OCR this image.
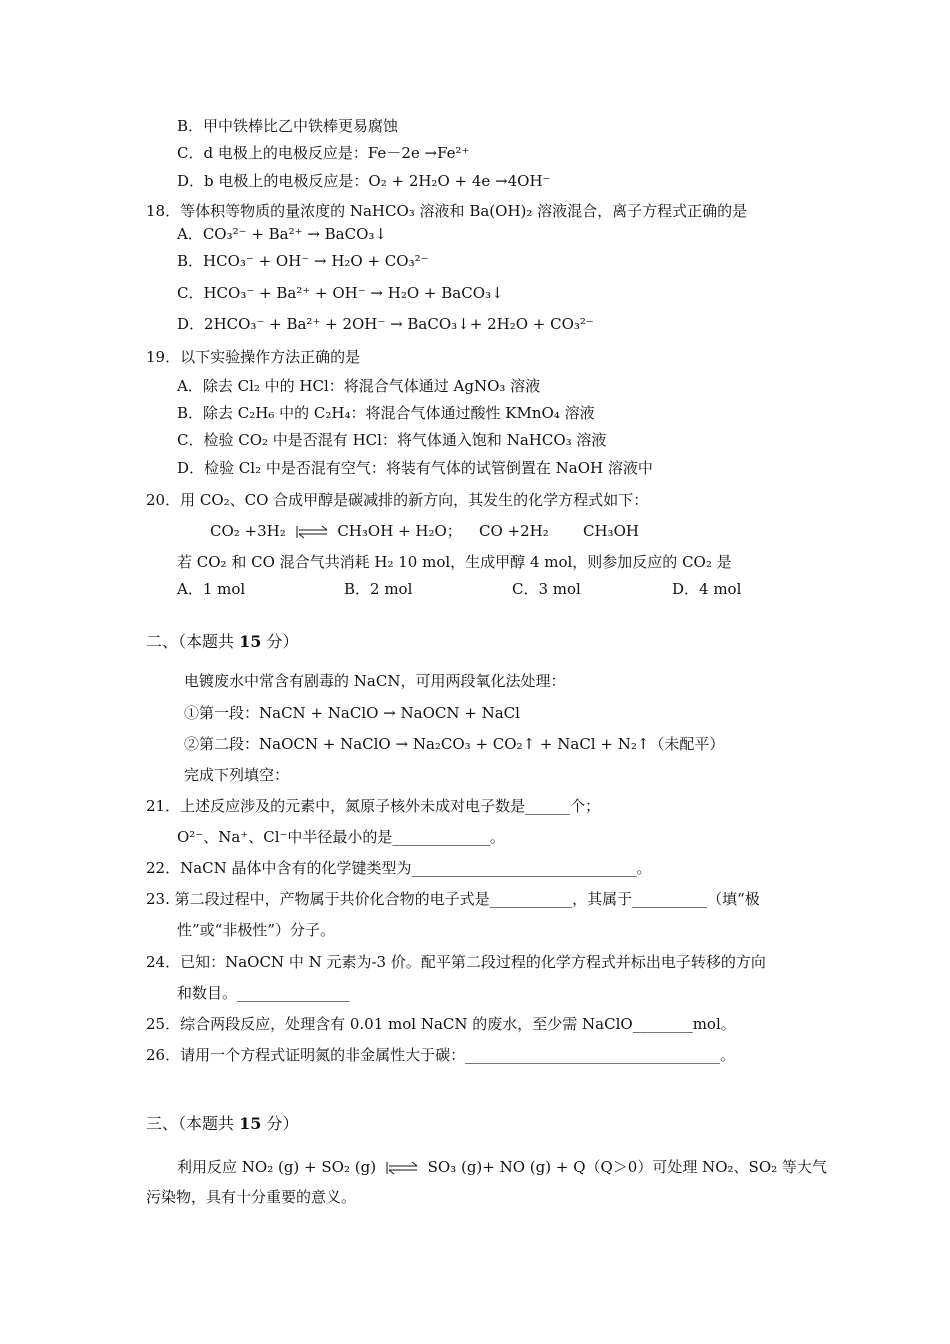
B．甲中铁棒比乙中铁棒更易腐蚀
C．d 电极上的电极反应是：Fe－2e →Fe²⁺
D．b 电极上的电极反应是：O₂ + 2H₂O + 4e →4OH⁻
18．等体积等物质的量浓度的 NaHCO₃ 溶液和 Ba(OH)₂ 溶液混合，离子方程式正确的是
A．CO₃²⁻ + Ba²⁺ → BaCO₃↓
B．HCO₃⁻ + OH⁻ → H₂O + CO₃²⁻
C．HCO₃⁻ + Ba²⁺ + OH⁻ → H₂O + BaCO₃↓
D．2HCO₃⁻ + Ba²⁺ + 2OH⁻ → BaCO₃↓+ 2H₂O + CO₃²⁻
19．以下实验操作方法正确的是
A．除去 Cl₂ 中的 HCl：将混合气体通过 AgNO₃ 溶液
B．除去 C₂H₆ 中的 C₂H₄：将混合气体通过酸性 KMnO₄ 溶液
C．检验 CO₂ 中是否混有 HCl：将气体通入饱和 NaHCO₃ 溶液
D．检验 Cl₂ 中是否混有空气：将装有气体的试管倒置在 NaOH 溶液中
20．用 CO₂、CO 合成甲醇是碳减排的新方向，其发生的化学方程式如下：
CO₂ +3H₂ ⇌ CH₃OH + H₂O； CO +2H₂ CH₃OH
若 CO₂ 和 CO 混合气共消耗 H₂ 10 mol，生成甲醇 4 mol，则参加反应的 CO₂ 是
A．1 mol	B．2 mol	C．3 mol	D．4 mol
二、（本题共 15 分）
电镀废水中常含有剧毒的 NaCN，可用两段氧化法处理：
①第一段：NaCN + NaClO → NaOCN + NaCl
②第二段：NaOCN + NaClO → Na₂CO₃ + CO₂↑ + NaCl + N₂↑（未配平）
完成下列填空：
21．上述反应涉及的元素中，氮原子核外未成对电子数是______个；
O²⁻、Na⁺、Cl⁻中半径最小的是_____________。
22．NaCN 晶体中含有的化学键类型为______________________________。
23. 第二段过程中，产物属于共价化合物的电子式是___________，其属于__________（填“极
性”或“非极性”）分子。
24．已知：NaOCN 中 N 元素为-3 价。配平第二段过程的化学方程式并标出电子转移的方向
和数目。_______________
25．综合两段反应，处理含有 0.01 mol NaCN 的废水，至少需 NaClO________mol。
26．请用一个方程式证明氮的非金属性大于碳：__________________________________。
三、（本题共 15 分）
利用反应 NO₂ (g) + SO₂ (g) ⇌ SO₃ (g)+ NO (g) + Q（Q＞0）可处理 NO₂、SO₂ 等大气
污染物，具有十分重要的意义。
